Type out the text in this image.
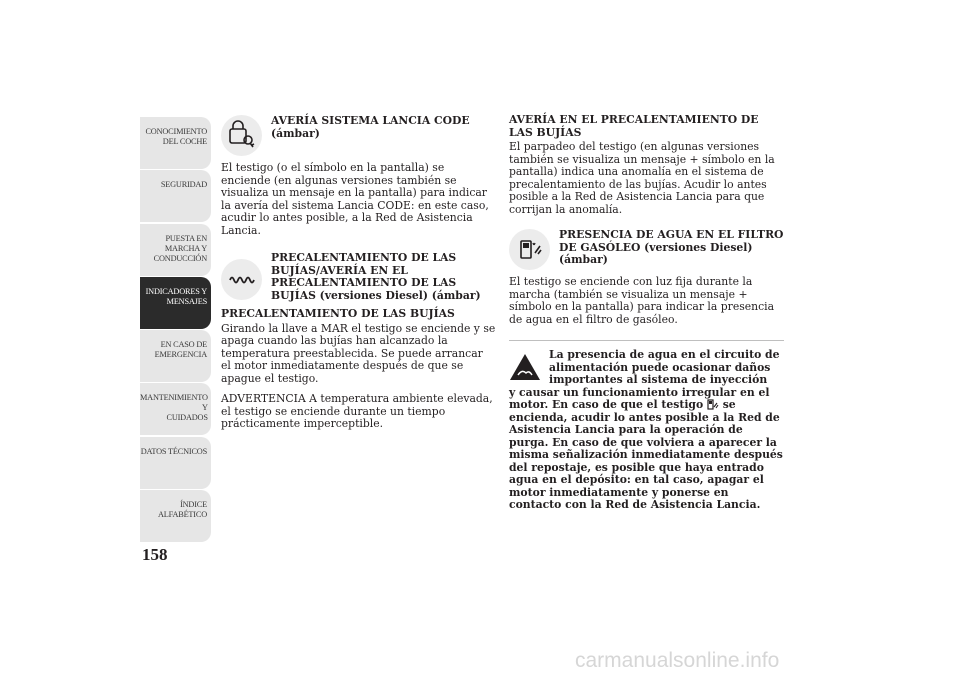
CONOCIMIENTO
DEL COCHE
SEGURIDAD
PUESTA EN
MARCHA Y
CONDUCCIÓN
INDICADORES Y
MENSAJES
EN CASO DE
EMERGENCIA
MANTENIMIENTO Y
CUIDADOS
DATOS TÉCNICOS
ÍNDICE
ALFABÉTICO
158
AVERÍA SISTEMA LANCIA CODE (ámbar)

El testigo (o el símbolo en la pantalla) se enciende (en algunas versiones también se visualiza un mensaje en la pantalla) para indicar la avería del sistema Lancia CODE: en este caso, acudir lo antes posible, a la Red de Asistencia Lancia.

PRECALENTAMIENTO DE LAS BUJÍAS/AVERÍA EN EL PRECALENTAMIENTO DE LAS BUJÍAS (versiones Diesel) (ámbar)
PRECALENTAMIENTO DE LAS BUJÍAS

Girando la llave a MAR el testigo se enciende y se apaga cuando las bujías han alcanzado la temperatura preestablecida. Se puede arrancar el motor inmediatamente después de que se apague el testigo.

ADVERTENCIA A temperatura ambiente elevada, el testigo se enciende durante un tiempo prácticamente imperceptible.

AVERÍA EN EL PRECALENTAMIENTO DE LAS BUJÍAS

El parpadeo del testigo (en algunas versiones también se visualiza un mensaje + símbolo en la pantalla) indica una anomalía en el sistema de precalentamiento de las bujías. Acudir lo antes posible a la Red de Asistencia Lancia para que corrijan la anomalía.

PRESENCIA DE AGUA EN EL FILTRO DE GASÓLEO (versiones Diesel) (ámbar)

El testigo se enciende con luz fija durante la marcha (también se visualiza un mensaje + símbolo en la pantalla) para indicar la presencia de agua en el filtro de gasóleo.

La presencia de agua en el circuito de alimentación puede ocasionar daños importantes al sistema de inyección
y causar un funcionamiento irregular en el motor. En caso de que el testigo se encienda, acudir lo antes posible a la Red de Asistencia Lancia para la operación de purga. En caso de que volviera a aparecer la misma señalización inmediatamente después del repostaje, es posible que haya entrado agua en el depósito: en tal caso, apagar el motor inmediatamente y ponerse en contacto con la Red de Asistencia Lancia.
carmanualsonline.info
